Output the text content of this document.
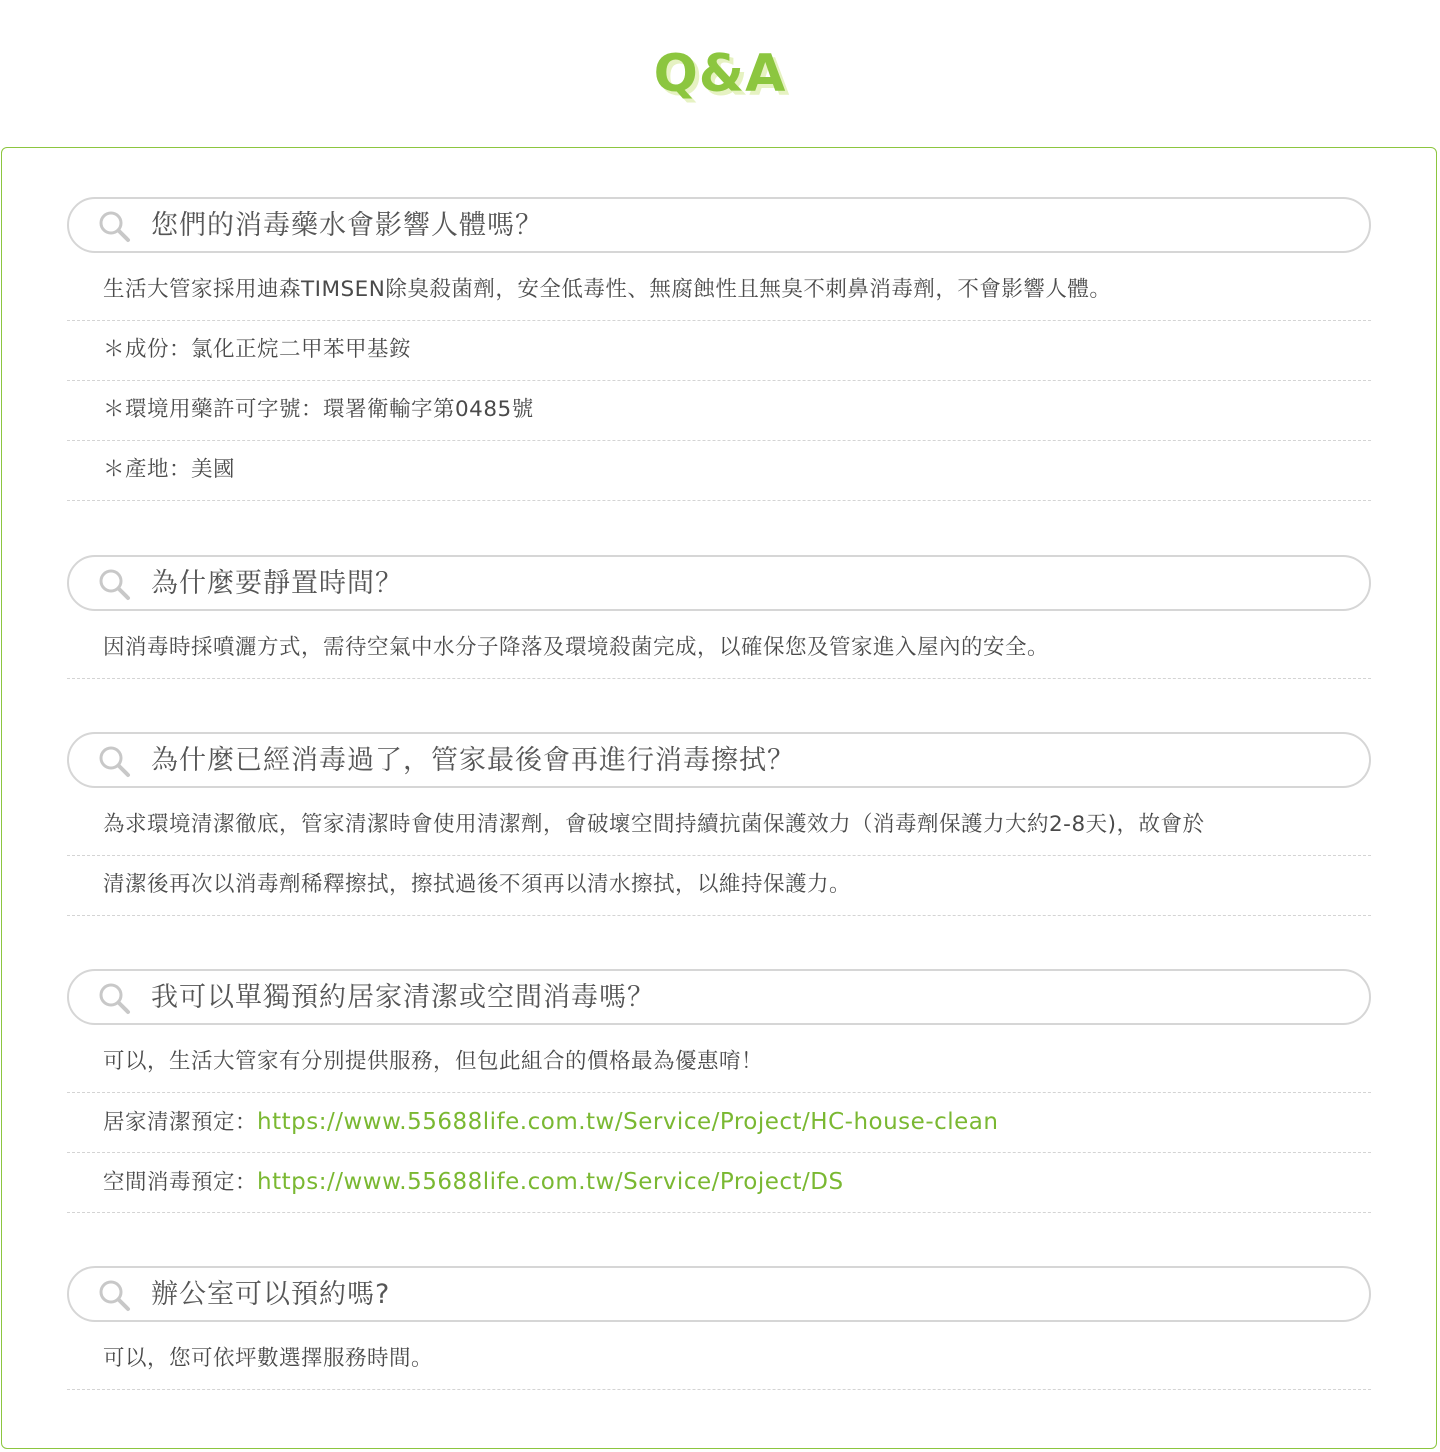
Q&A
您們的消毒藥水會影響人體嗎？
生活大管家採用迪森TIMSEN除臭殺菌劑，安全低毒性、無腐蝕性且無臭不刺鼻消毒劑，不會影響人體。
＊成份：氯化正烷二甲苯甲基銨
＊環境用藥許可字號：環署衛輸字第0485號
＊產地：美國
為什麼要靜置時間？
因消毒時採噴灑方式，需待空氣中水分子降落及環境殺菌完成，以確保您及管家進入屋內的安全。
為什麼已經消毒過了，管家最後會再進行消毒擦拭？
為求環境清潔徹底，管家清潔時會使用清潔劑，會破壞空間持續抗菌保護效力（消毒劑保護力大約2-8天)，故會於
清潔後再次以消毒劑稀釋擦拭，擦拭過後不須再以清水擦拭，以維持保護力。
我可以單獨預約居家清潔或空間消毒嗎？
可以，生活大管家有分別提供服務，但包此組合的價格最為優惠唷！
居家清潔預定：https://www.55688life.com.tw/Service/Project/HC-house-clean
空間消毒預定：https://www.55688life.com.tw/Service/Project/DS
辦公室可以預約嗎?
可以，您可依坪數選擇服務時間。
